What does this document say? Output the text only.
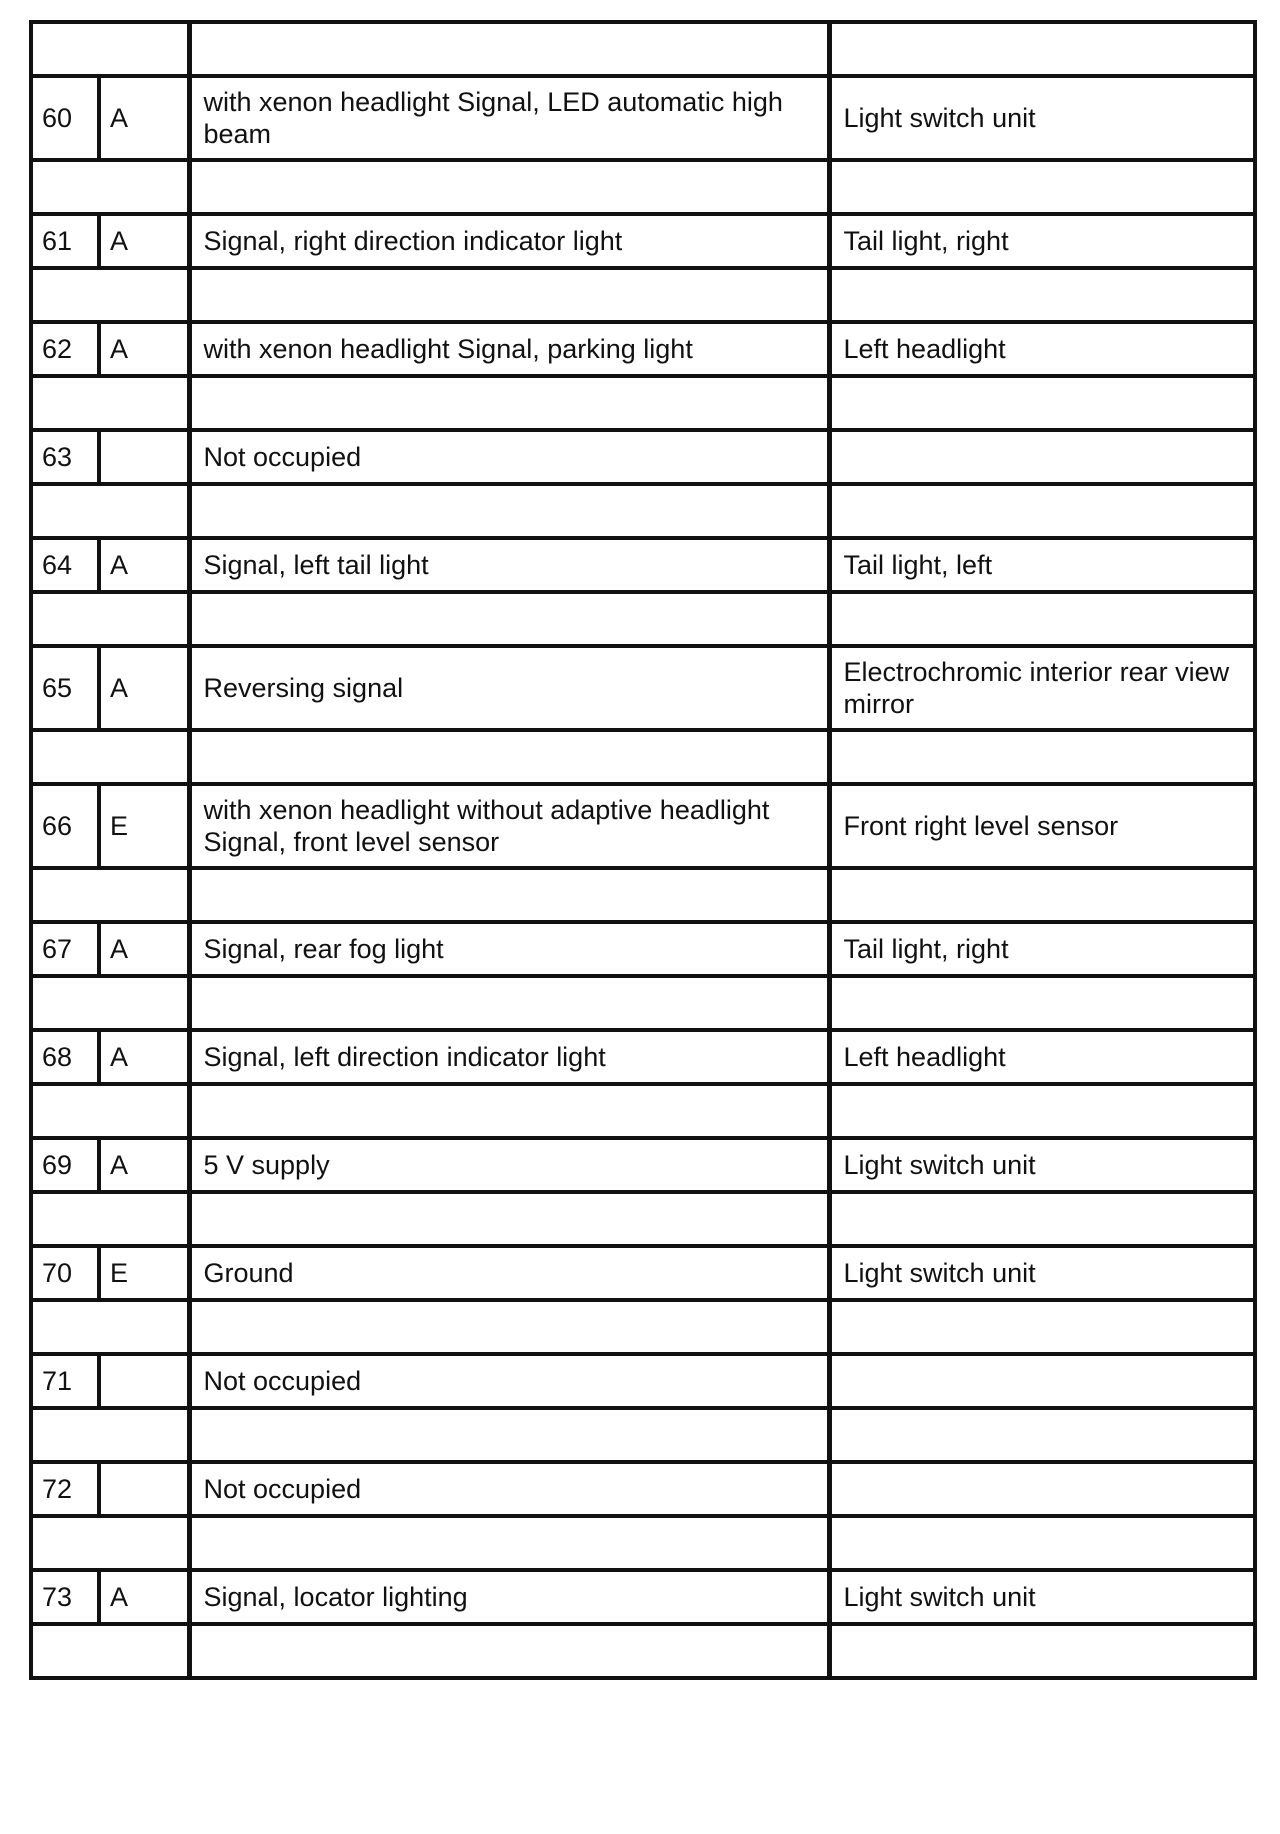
60	A	with xenon headlight Signal, LED automatic high beam	Light switch unit

61	A	Signal, right direction indicator light	Tail light, right

62	A	with xenon headlight Signal, parking light	Left headlight

63		Not occupied	

64	A	Signal, left tail light	Tail light, left

65	A	Reversing signal	Electrochromic interior rear view mirror

66	E	with xenon headlight without adaptive headlight Signal, front level sensor	Front right level sensor

67	A	Signal, rear fog light	Tail light, right

68	A	Signal, left direction indicator light	Left headlight

69	A	5 V supply	Light switch unit

70	E	Ground	Light switch unit

71		Not occupied	

72		Not occupied	

73	A	Signal, locator lighting	Light switch unit
